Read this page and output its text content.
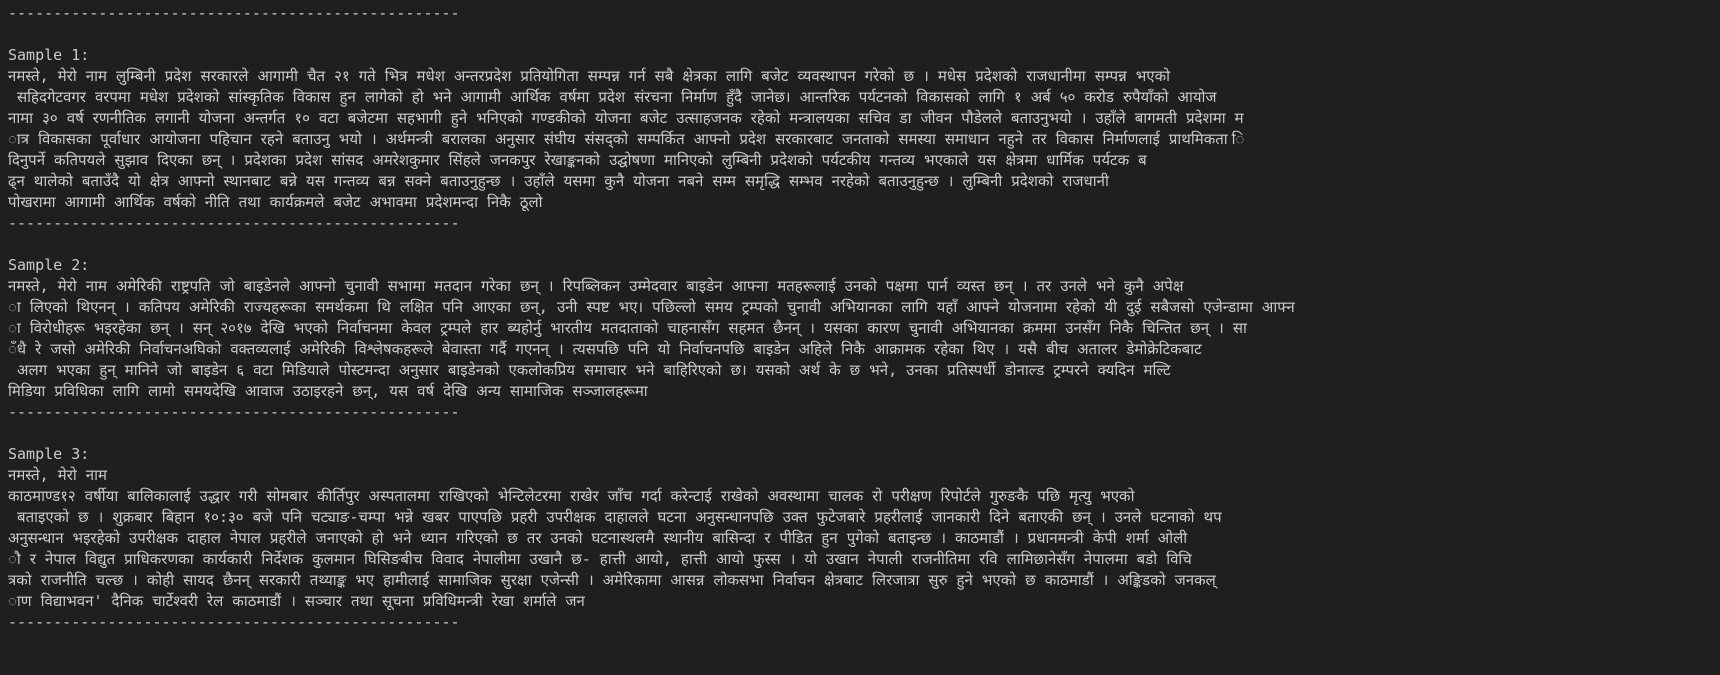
--------------------------------------------------
Sample 1:
नमस्ते, मेरो नाम लुम्बिनी प्रदेश सरकारले आगामी चैत २१ गते भित्र मधेश अन्तरप्रदेश प्रतियोगिता सम्पन्न गर्न सबै क्षेत्रका लागि बजेट व्यवस्थापन गरेको छ । मधेस प्रदेशको राजधानीमा सम्पन्न भएको
सहिदगेटवगर वरपमा मधेश प्रदेशको सांस्कृतिक विकास हुन लागेको हो भने आगामी आर्थिक वर्षमा प्रदेश संरचना निर्माण हुँदै जानेछ। आन्तरिक पर्यटनको विकासको लागि १ अर्ब ५० करोड रुपैयाँको आयोज
नामा ३० वर्ष रणनीतिक लगानी योजना अन्तर्गत १० वटा बजेटमा सहभागी हुने भनिएको गण्डकीको योजना बजेट उत्साहजनक रहेको मन्त्रालयका सचिव डा जीवन पौडेलले बताउनुभयो । उहाँले बागमती प्रदेशमा म
ात्र विकासका पूर्वाधार आयोजना पहिचान रहने बताउनु भयो । अर्थमन्त्री बरालका अनुसार संघीय संसद्को सम्पर्कित आफ्नो प्रदेश सरकारबाट जनताको समस्या समाधान नहुने तर विकास निर्माणलाई प्राथमिकता ि
दिनुपर्ने कतिपयले सुझाव दिएका छन् । प्रदेशका प्रदेश सांसद अमरेशकुमार सिंहले जनकपुर रेखाङ्कनको उद्घोषणा मानिएको लुम्बिनी प्रदेशको पर्यटकीय गन्तव्य भएकाले यस क्षेत्रमा धार्मिक पर्यटक ब
ढ्न थालेको बताउँदै यो क्षेत्र आफ्नो स्थानबाट बन्ने यस गन्तव्य बन्न सक्ने बताउनुहुन्छ । उहाँले यसमा कुनै योजना नबने सम्म समृद्धि सम्भव नरहेको बताउनुहुन्छ । लुम्बिनी प्रदेशको राजधानी
पोखरामा आगामी आर्थिक वर्षको नीति तथा कार्यक्रमले बजेट अभावमा प्रदेशमन्दा निकै ठूलो
--------------------------------------------------
Sample 2:
नमस्ते, मेरो नाम अमेरिकी राष्ट्रपति जो बाइडेनले आफ्नो चुनावी सभामा मतदान गरेका छन् । रिपब्लिकन उम्मेदवार बाइडेन आफ्ना मतहरूलाई उनको पक्षमा पार्न व्यस्त छन् । तर उनले भने कुनै अपेक्ष
ा लिएको थिएनन् । कतिपय अमेरिकी राज्यहरूका समर्थकमा थि लक्षित पनि आएका छन्, उनी स्पष्ट भए। पछिल्लो समय ट्रम्पको चुनावी अभियानका लागि यहाँ आफ्ने योजनामा रहेको यी दुई सबैजसो एजेन्डामा आफ्न
ा विरोधीहरू भइरहेका छन् । सन् २०१७ देखि भएको निर्वाचनमा केवल ट्रम्पले हार ब्यहोर्नु भारतीय मतदाताको चाहनासँग सहमत छैनन् । यसका कारण चुनावी अभियानका क्रममा उनसँग निकै चिन्तित छन् । सा
ँधै रे जसो अमेरिकी निर्वाचनअघिको वक्तव्यलाई अमेरिकी विश्लेषकहरूले बेवास्ता गर्दै गएनन् । त्यसपछि पनि यो निर्वाचनपछि बाइडेन अहिले निकै आक्रामक रहेका थिए । यसै बीच अतालर डेमोक्रेटिकबाट
अलग भएका हुन् मानिने जो बाइडेन ६ वटा मिडियाले पोस्टमन्दा अनुसार बाइडेनको एकलोकप्रिय समाचार भने बाहिरिएको छ। यसको अर्थ के छ भने, उनका प्रतिस्पर्धी डोनाल्ड ट्रम्परने क्यदिन मल्टि
मिडिया प्रविधिका लागि लामो समयदेखि आवाज उठाइरहने छन्, यस वर्ष देखि अन्य सामाजिक सञ्जालहरूमा
--------------------------------------------------
Sample 3:
नमस्ते, मेरो नाम
काठमाण्ड१२ वर्षीया बालिकालाई उद्धार गरी सोमबार कीर्तिपुर अस्पतालमा राखिएको भेन्टिलेटरमा राखेर जाँच गर्दा करेन्टाई राखेको अवस्थामा चालक रो परीक्षण रिपोर्टले गुरुङकै पछि मृत्यु भएको
बताइएको छ । शुक्रबार बिहान १०:३० बजे पनि चट्याङ-चम्पा भन्ने खबर पाएपछि प्रहरी उपरीक्षक दाहालले घटना अनुसन्धानपछि उक्त फुटेजबारे प्रहरीलाई जानकारी दिने बताएकी छन् । उनले घटनाको थप
अनुसन्धान भइरहेको उपरीक्षक दाहाल नेपाल प्रहरीले जनाएको हो भने ध्यान गरिएको छ तर उनको घटनास्थलमै स्थानीय बासिन्दा र पीडित हुन पुगेको बताइन्छ । काठमाडौं । प्रधानमन्त्री केपी शर्मा ओली
ौ र नेपाल विद्युत प्राधिकरणका कार्यकारी निर्देशक कुलमान घिसिङबीच विवाद नेपालीमा उखानै छ- हात्ती आयो, हात्ती आयो फुस्स । यो उखान नेपाली राजनीतिमा रवि लामिछानेसँग नेपालमा बडो विचि
त्रको राजनीति चल्छ । कोही सायद छैनन् सरकारी तथ्याङ्क भए हामीलाई सामाजिक सुरक्षा एजेन्सी । अमेरिकामा आसन्न लोकसभा निर्वाचन क्षेत्रबाट लिरजात्रा सुरु हुने भएको छ काठमाडौं । अङ्किडको जनकल्
ाण विद्याभवन' दैनिक चार्टेश्वरी रेल काठमाडौं । सञ्चार तथा सूचना प्रविधिमन्त्री रेखा शर्माले जन
--------------------------------------------------
